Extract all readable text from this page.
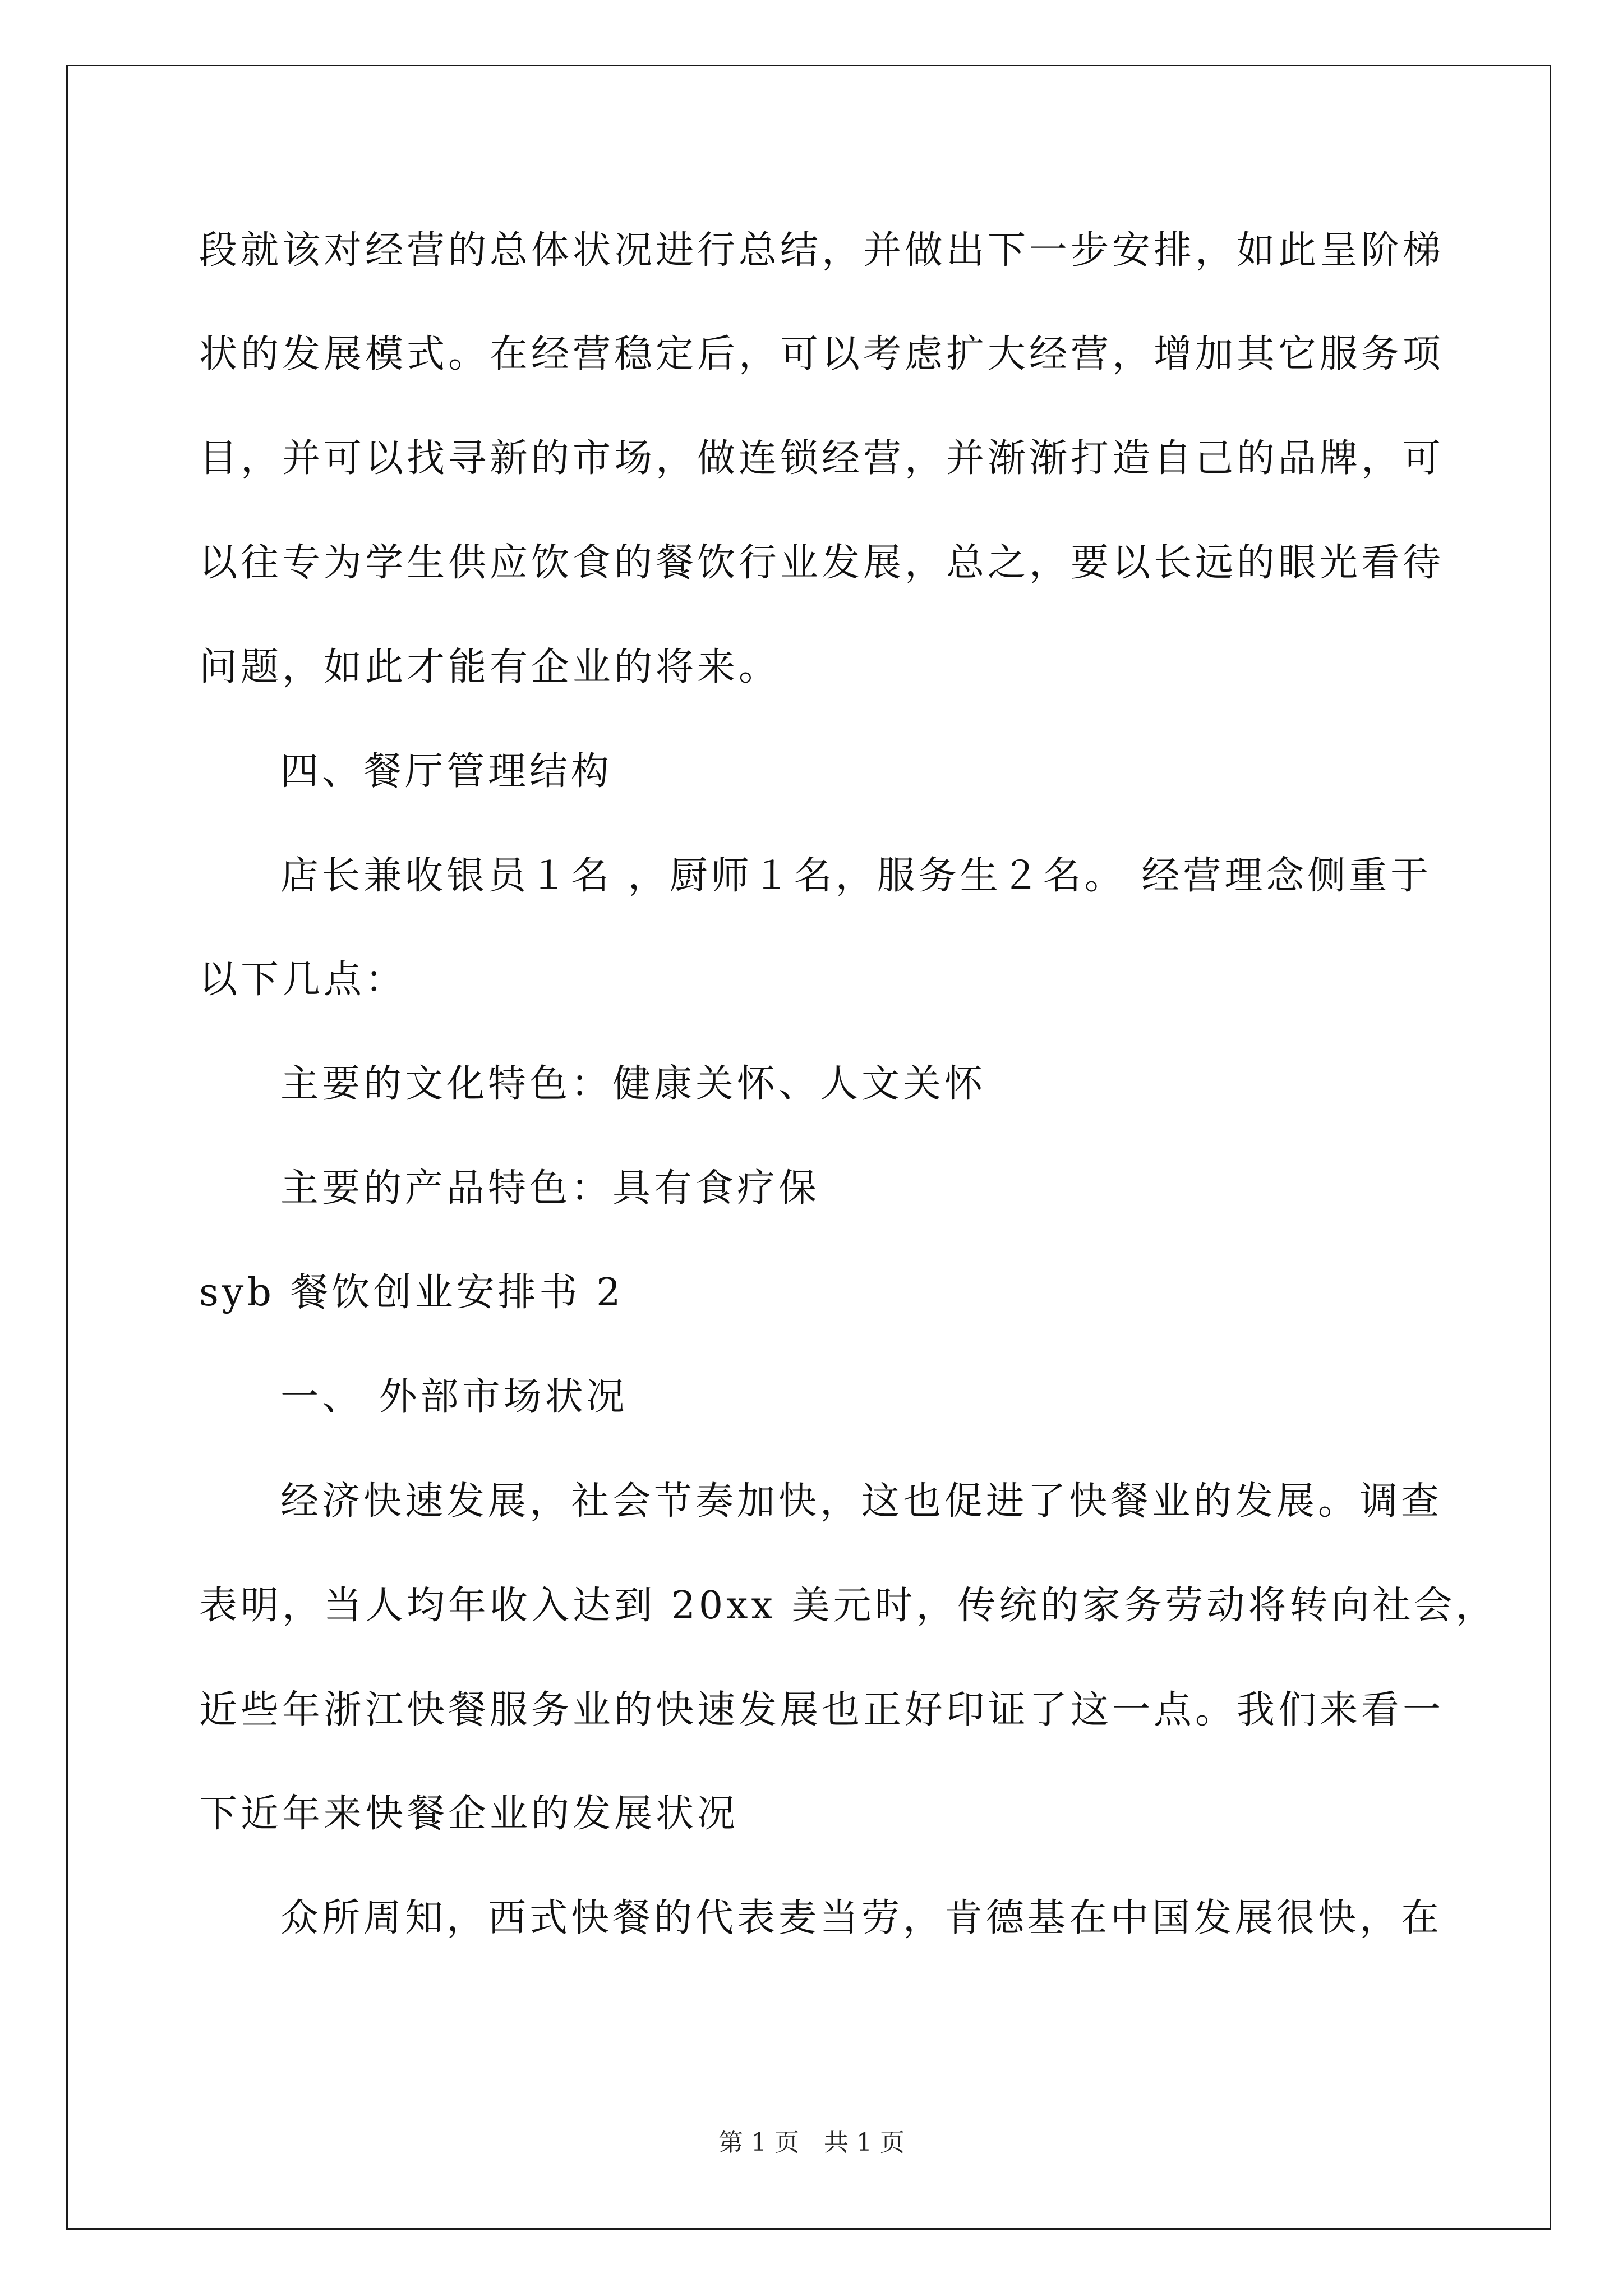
段就该对经营的总体状况进行总结，并做出下一步安排，如此呈阶梯
状的发展模式。在经营稳定后，可以考虑扩大经营，增加其它服务项
目，并可以找寻新的市场，做连锁经营，并渐渐打造自己的品牌，可
以往专为学生供应饮食的餐饮行业发展，总之，要以长远的眼光看待
问题，如此才能有企业的将来。
四、餐厅管理结构
店长兼收银员１名 ，厨师１名，服务生２名。 经营理念侧重于
以下几点：
主要的文化特色：健康关怀、人文关怀
主要的产品特色：具有食疗保
syb 餐饮创业安排书 2
一、 外部市场状况
经济快速发展，社会节奏加快，这也促进了快餐业的发展。调查
表明，当人均年收入达到 20xx 美元时，传统的家务劳动将转向社会，
近些年浙江快餐服务业的快速发展也正好印证了这一点。我们来看一
下近年来快餐企业的发展状况
众所周知，西式快餐的代表麦当劳，肯德基在中国发展很快，在
第 1 页　共 1 页
